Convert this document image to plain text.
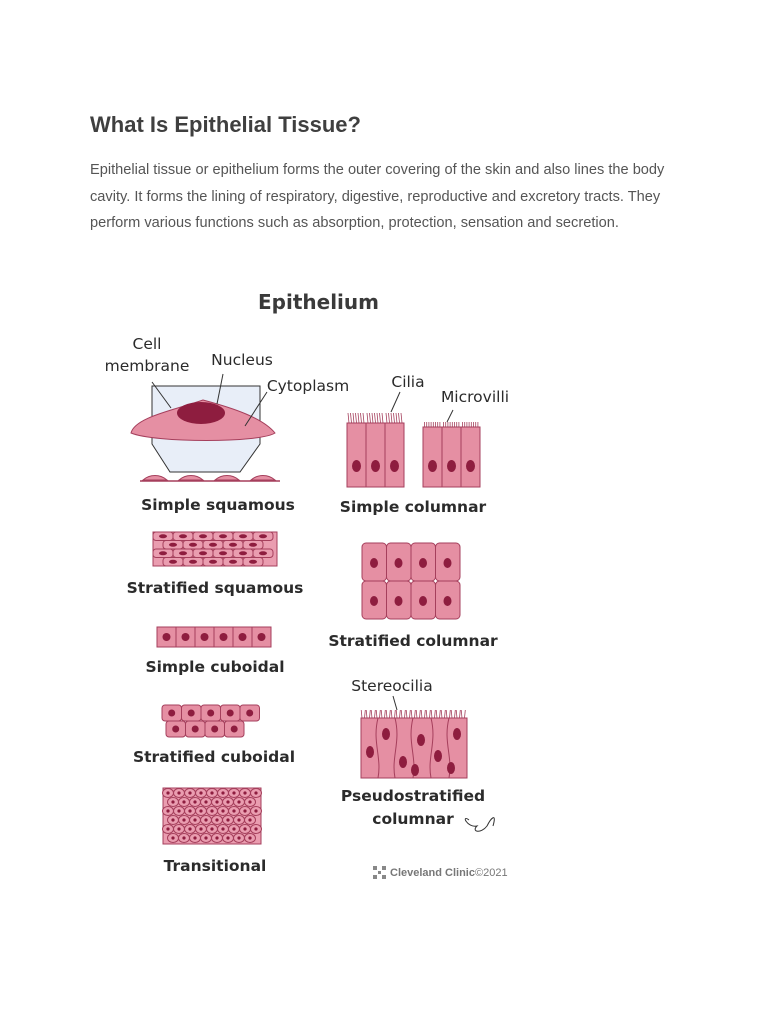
What Is Epithelial Tissue?

Epithelial tissue or epithelium forms the outer covering of the skin and also lines the body cavity. It forms the lining of respiratory, digestive, reproductive and excretory tracts. They perform various functions such as absorption, protection, sensation and secretion.

Epithelium
Cell
membrane Nucleus
Cytoplasm
Simple squamous
Stratified squamous
Simple cuboidal
Stratified cuboidal
Transitional
Cilia
Microvilli
Simple columnar
Stratified columnar
Stereocilia
Pseudostratified
columnar
Cleveland Clinic ©2021
